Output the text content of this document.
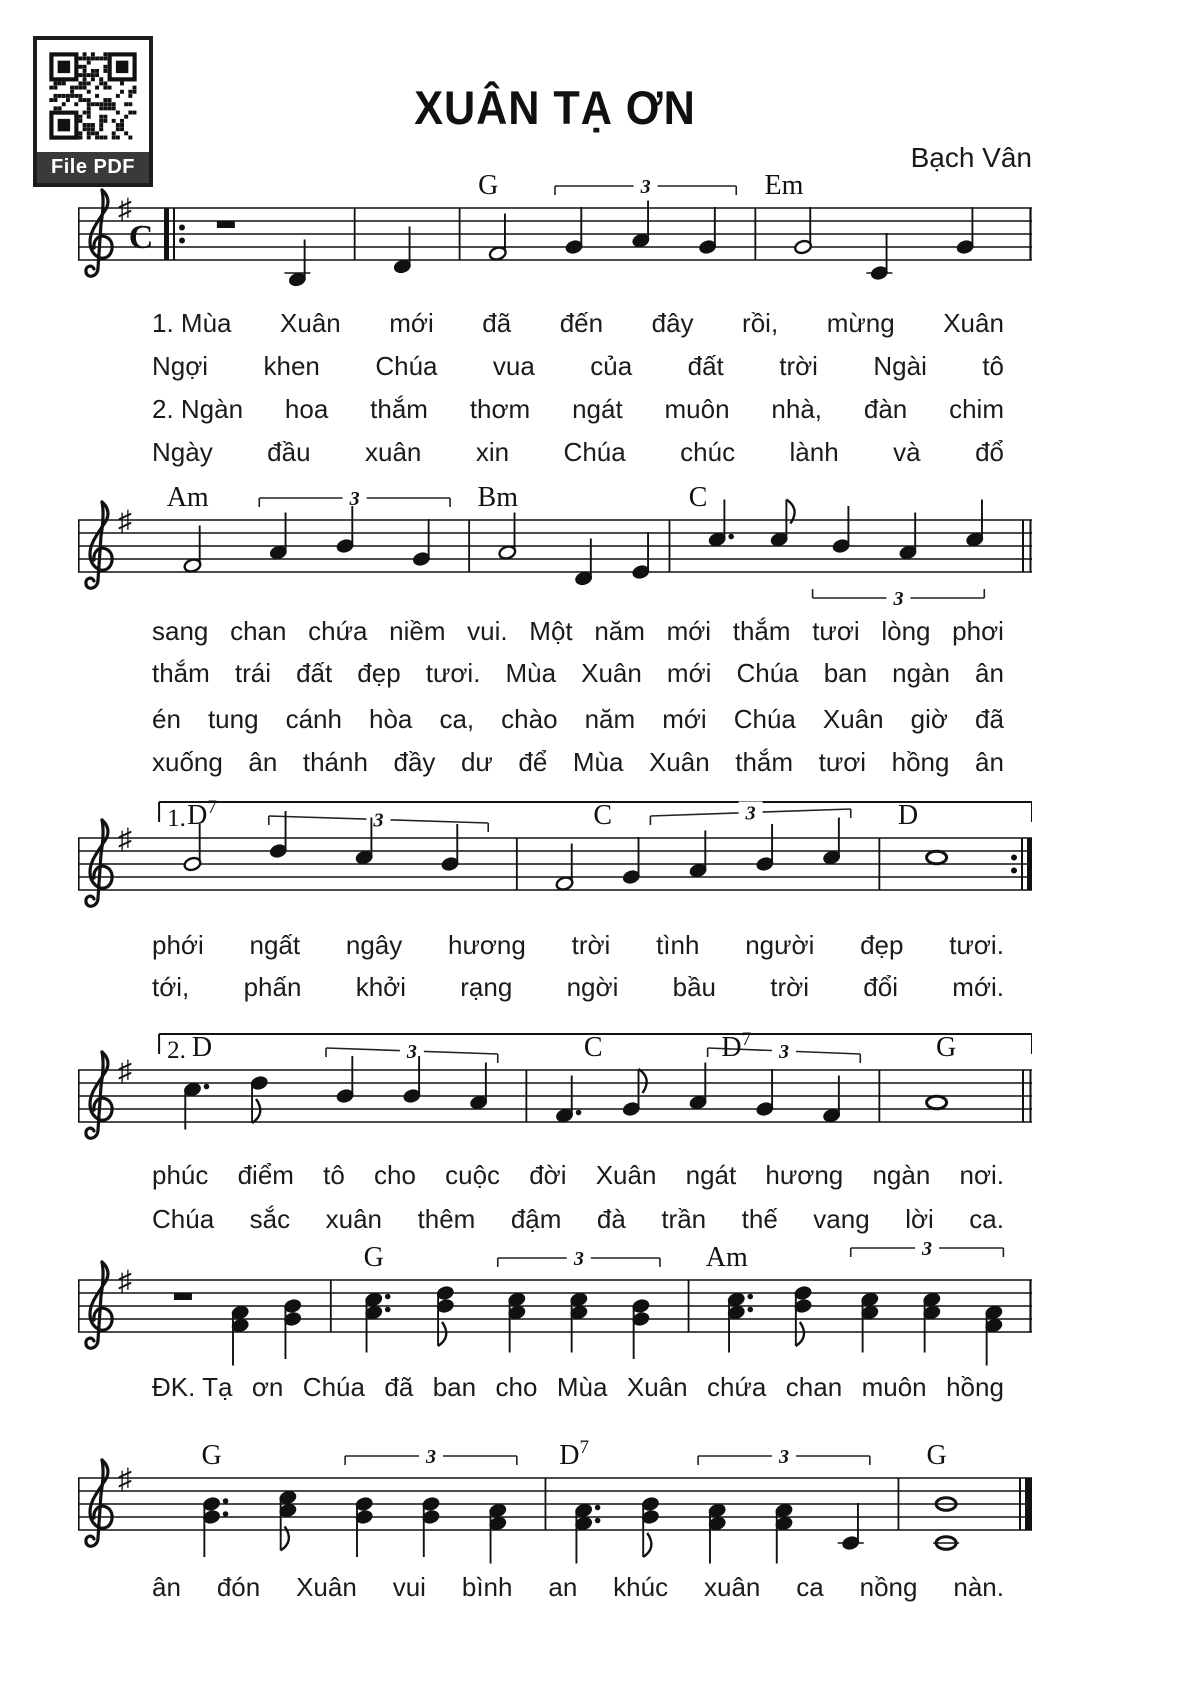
File PDF
XUÂN TẠ ƠN
Bạch Vân
♯
C
3
G	Em
1. Mùa Xuân mới đã đến đây rồi, mừng Xuân
Ngợi khen Chúa vua của đất trời Ngài tô
2. Ngàn hoa thắm thơm ngát muôn nhà, đàn chim
Ngày đầu xuân xin Chúa chúc lành và đổ
♯
3
3
Am	Bm	C
sang chan chứa niềm vui. Một năm mới thắm tươi lòng phơi
thắm trái đất đẹp tươi. Mùa Xuân mới Chúa ban ngàn ân
én tung cánh hòa ca, chào năm mới Chúa Xuân giờ đã
xuống ân thánh đầy dư để Mùa Xuân thắm tươi hồng ân
♯
1.	3	3
$D^7$	C	D
phới ngất ngây hương trời tình người đẹp tươi.
tới, phấn khởi rạng ngời bầu trời đổi mới.
♯
2.	3	3
D	C	$D^7$	G
phúc điểm tô cho cuộc đời Xuân ngát hương ngàn nơi.
Chúa sắc xuân thêm đậm đà trần thế vang lời ca.
♯
3	3
G	Am
ĐK. Tạ ơn Chúa đã ban cho Mùa Xuân chứa chan muôn hồng
♯
3	3
G	$D^7$	G
ân đón Xuân vui bình an khúc xuân ca nồng nàn.
